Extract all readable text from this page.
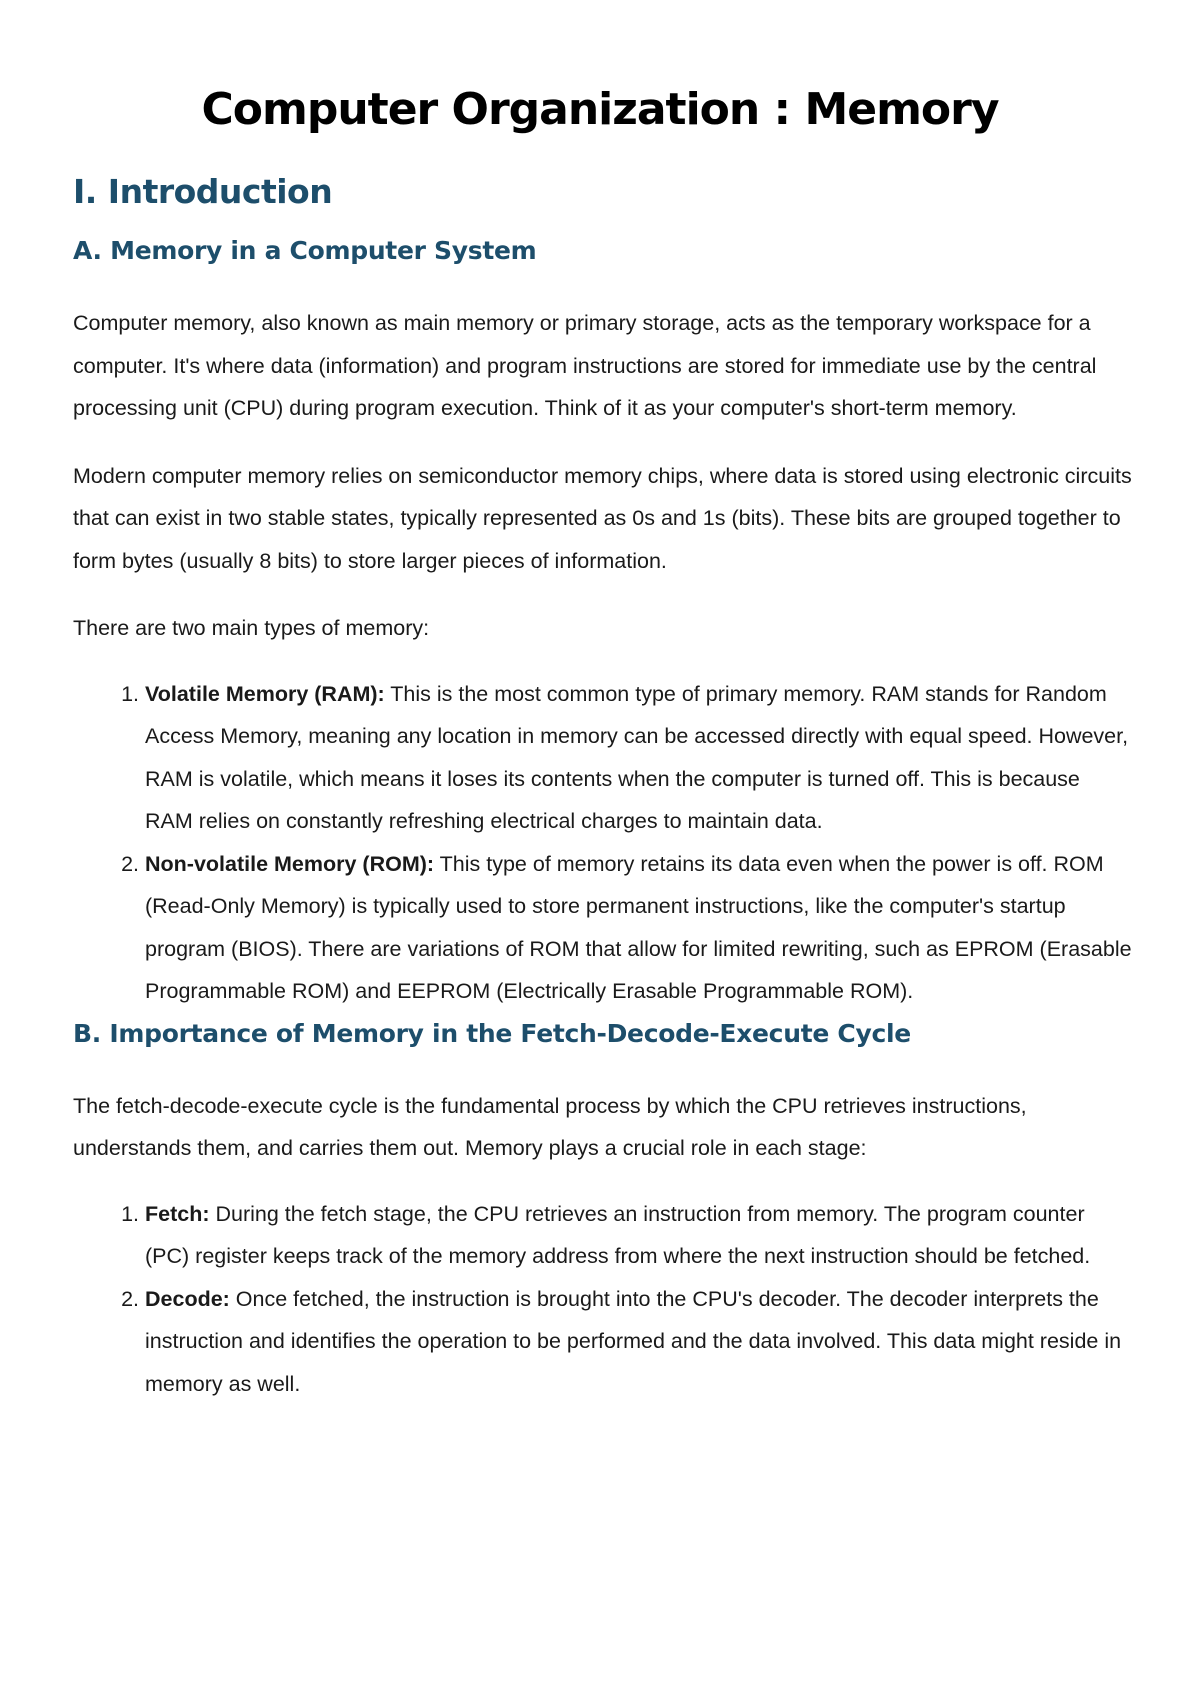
Computer Organization : Memory
I. Introduction
A. Memory in a Computer System

Computer memory, also known as main memory or primary storage, acts as the temporary workspace for a computer. It's where data (information) and program instructions are stored for immediate use by the central processing unit (CPU) during program execution. Think of it as your computer's short-term memory.

Modern computer memory relies on semiconductor memory chips, where data is stored using electronic circuits that can exist in two stable states, typically represented as 0s and 1s (bits). These bits are grouped together to form bytes (usually 8 bits) to store larger pieces of information.

There are two main types of memory:

1. Volatile Memory (RAM): This is the most common type of primary memory. RAM stands for Random Access Memory, meaning any location in memory can be accessed directly with equal speed. However, RAM is volatile, which means it loses its contents when the computer is turned off. This is because RAM relies on constantly refreshing electrical charges to maintain data.
2. Non-volatile Memory (ROM): This type of memory retains its data even when the power is off. ROM (Read-Only Memory) is typically used to store permanent instructions, like the computer's startup program (BIOS). There are variations of ROM that allow for limited rewriting, such as EPROM (Erasable Programmable ROM) and EEPROM (Electrically Erasable Programmable ROM).
B. Importance of Memory in the Fetch-Decode-Execute Cycle

The fetch-decode-execute cycle is the fundamental process by which the CPU retrieves instructions, understands them, and carries them out. Memory plays a crucial role in each stage:

1. Fetch: During the fetch stage, the CPU retrieves an instruction from memory. The program counter (PC) register keeps track of the memory address from where the next instruction should be fetched.
2. Decode: Once fetched, the instruction is brought into the CPU's decoder. The decoder interprets the instruction and identifies the operation to be performed and the data involved. This data might reside in memory as well.
